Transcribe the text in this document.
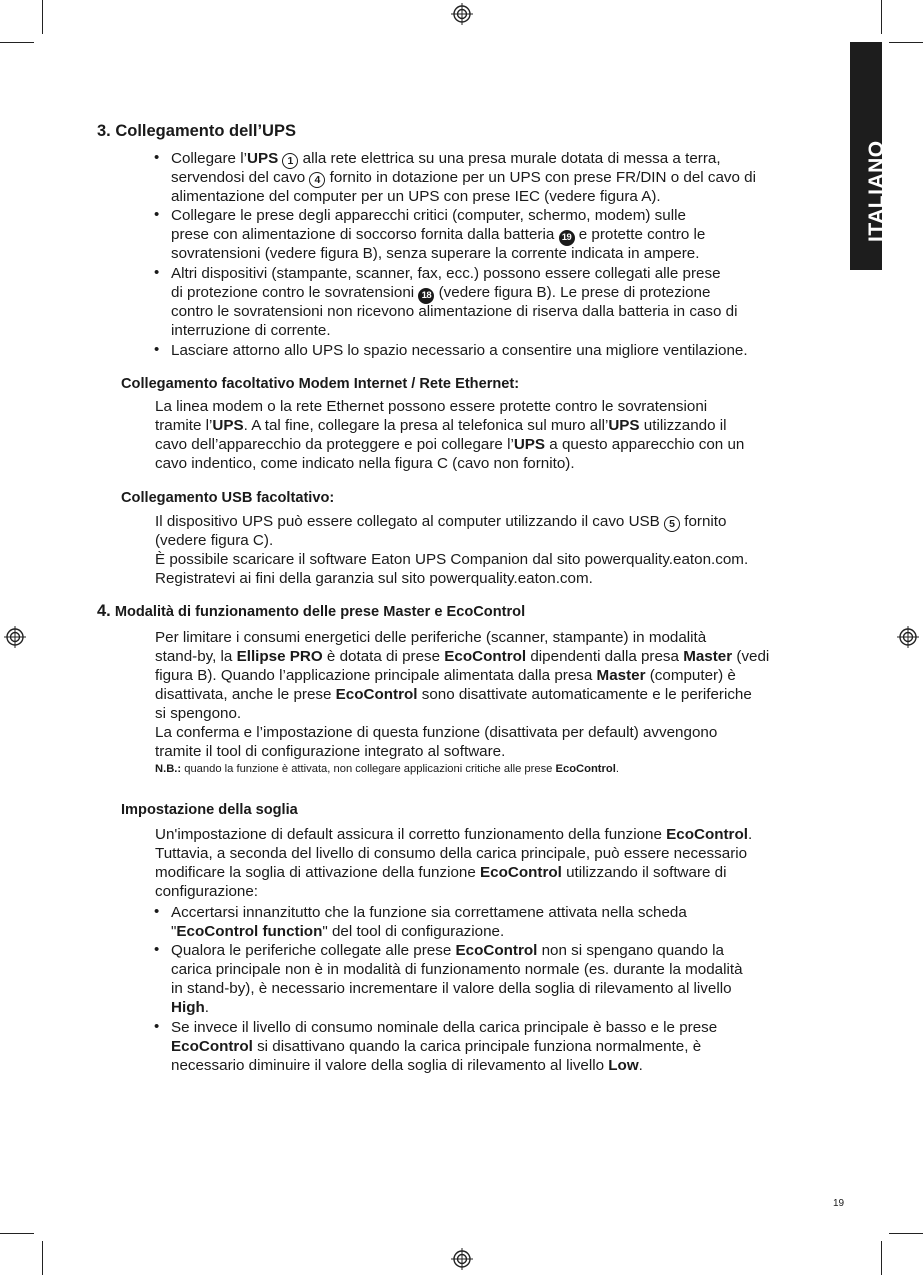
ITALIANO
3. Collegamento dell’UPS
• Collegare l’UPS 1 alla rete elettrica su una presa murale dotata di messa a terra,
servendosi del cavo 4 fornito in dotazione per un UPS con prese FR/DIN o del cavo di
alimentazione del computer per un UPS con prese IEC (vedere figura A).
• Collegare le prese degli apparecchi critici (computer, schermo, modem) sulle
prese con alimentazione di soccorso fornita dalla batteria 19 e protette contro le
sovratensioni (vedere figura B), senza superare la corrente indicata in ampere.
• Altri dispositivi (stampante, scanner, fax, ecc.) possono essere collegati alle prese
di protezione contro le sovratensioni 18 (vedere figura B). Le prese di protezione
contro le sovratensioni non ricevono alimentazione di riserva dalla batteria in caso di
interruzione di corrente.
• Lasciare attorno allo UPS lo spazio necessario a consentire una migliore ventilazione.
Collegamento facoltativo Modem Internet / Rete Ethernet:
La linea modem o la rete Ethernet possono essere protette contro le sovratensioni
tramite l’UPS. A tal fine, collegare la presa al telefonica sul muro all’UPS utilizzando il
cavo dell’apparecchio da proteggere e poi collegare l’UPS a questo apparecchio con un
cavo indentico, come indicato nella figura C (cavo non fornito).
Collegamento USB facoltativo:
Il dispositivo UPS può essere collegato al computer utilizzando il cavo USB 5 fornito
(vedere figura C).
È possibile scaricare il software Eaton UPS Companion dal sito powerquality.eaton.com.
Registratevi ai fini della garanzia sul sito powerquality.eaton.com.
4. Modalità di funzionamento delle prese Master e EcoControl
Per limitare i consumi energetici delle periferiche (scanner, stampante) in modalità
stand-by, la Ellipse PRO è dotata di prese EcoControl dipendenti dalla presa Master (vedi
figura B). Quando l’applicazione principale alimentata dalla presa Master (computer) è
disattivata, anche le prese EcoControl sono disattivate automaticamente e le periferiche
si spengono.
La conferma e l’impostazione di questa funzione (disattivata per default) avvengono
tramite il tool di configurazione integrato al software.
N.B.: quando la funzione è attivata, non collegare applicazioni critiche alle prese EcoControl.
Impostazione della soglia
Un'impostazione di default assicura il corretto funzionamento della funzione EcoControl.
Tuttavia, a seconda del livello di consumo della carica principale, può essere necessario
modificare la soglia di attivazione della funzione EcoControl utilizzando il software di
configurazione:
• Accertarsi innanzitutto che la funzione sia correttamene attivata nella scheda
"EcoControl function" del tool di configurazione.
• Qualora le periferiche collegate alle prese EcoControl non si spengano quando la
carica principale non è in modalità di funzionamento normale (es. durante la modalità
in stand-by), è necessario incrementare il valore della soglia di rilevamento al livello
High.
• Se invece il livello di consumo nominale della carica principale è basso e le prese
EcoControl si disattivano quando la carica principale funziona normalmente, è
necessario diminuire il valore della soglia di rilevamento al livello Low.
19
